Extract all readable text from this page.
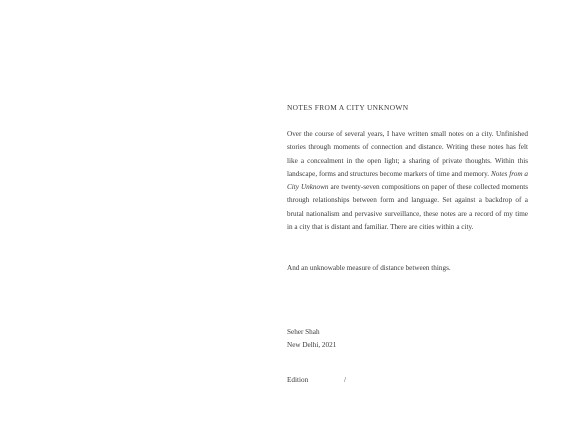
NOTES FROM A CITY UNKNOWN

Over the course of several years, I have written small notes on a city. Unfinished stories through moments of connection and distance. Writing these notes has felt like a concealment in the open light; a sharing of private thoughts. Within this landscape, forms and structures become markers of time and memory. Notes from a City Unknown are twenty-seven compositions on paper of these collected moments through relationships between form and language. Set against a backdrop of a brutal nationalism and pervasive surveillance, these notes are a record of my time in a city that is distant and familiar. There are cities within a city.

And an unknowable measure of distance between things.
Seher Shah
New Delhi, 2021
Edition	/
